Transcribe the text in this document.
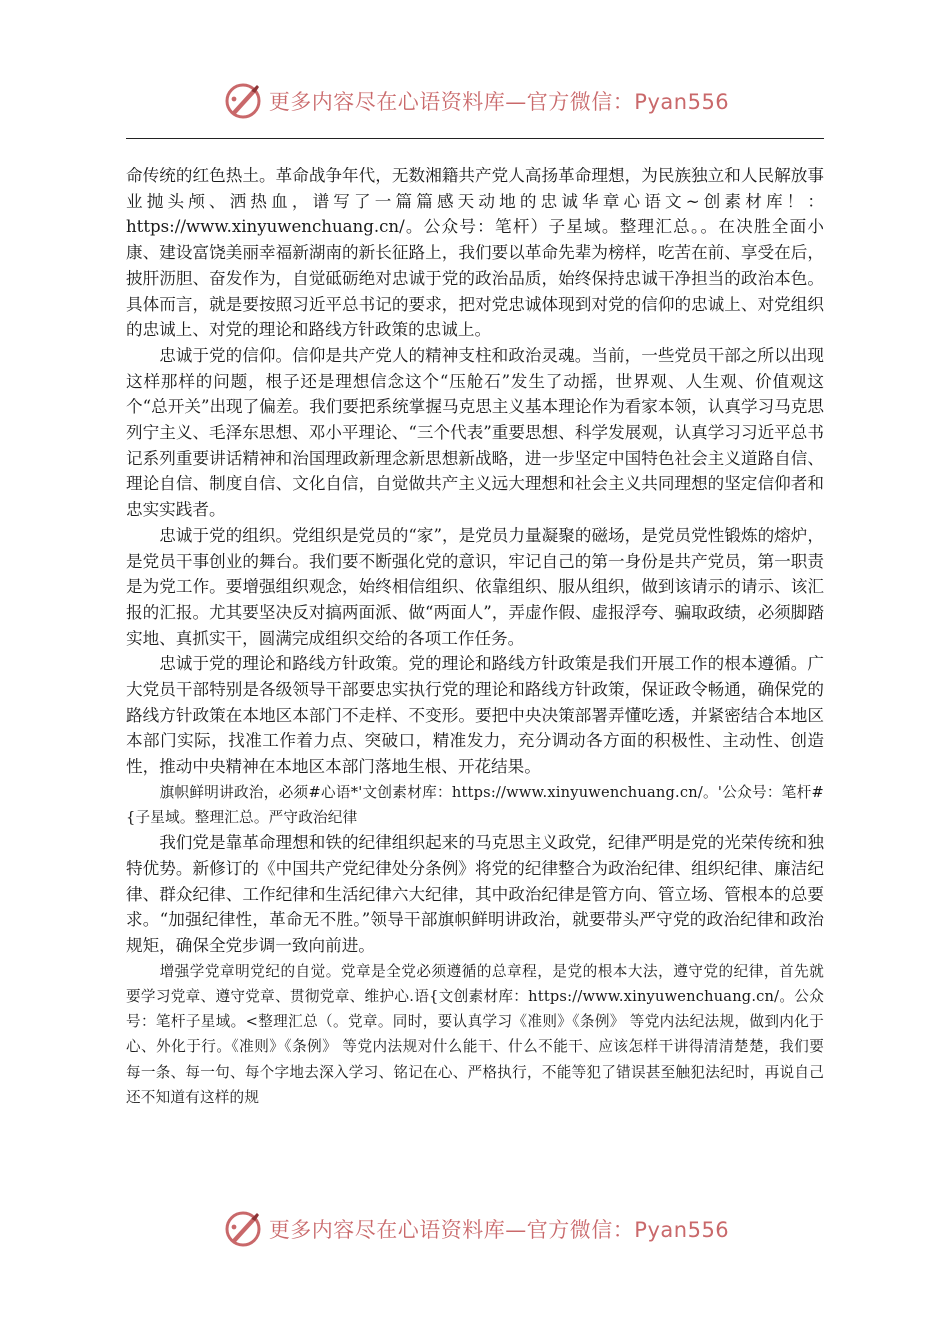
更多内容尽在心语资料库—官方微信：Pyan556

命传统的红色热土。革命战争年代，无数湘籍共产党人高扬革命理想，为民族独立和人民解放事业抛头颅、洒热血，谱写了一篇篇感天动地的忠诚华章心语文~创素材库！：https://www.xinyuwenchuang.cn/。公众号：笔杆）子星域。整理汇总。。在决胜全面小康、建设富饶美丽幸福新湖南的新长征路上，我们要以革命先辈为榜样，吃苦在前、享受在后，披肝沥胆、奋发作为，自觉砥砺绝对忠诚于党的政治品质，始终保持忠诚干净担当的政治本色。具体而言，就是要按照习近平总书记的要求，把对党忠诚体现到对党的信仰的忠诚上、对党组织的忠诚上、对党的理论和路线方针政策的忠诚上。

忠诚于党的信仰。信仰是共产党人的精神支柱和政治灵魂。当前，一些党员干部之所以出现这样那样的问题，根子还是理想信念这个“压舱石”发生了动摇，世界观、人生观、价值观这个“总开关”出现了偏差。我们要把系统掌握马克思主义基本理论作为看家本领，认真学习马克思列宁主义、毛泽东思想、邓小平理论、“三个代表”重要思想、科学发展观，认真学习习近平总书记系列重要讲话精神和治国理政新理念新思想新战略，进一步坚定中国特色社会主义道路自信、理论自信、制度自信、文化自信，自觉做共产主义远大理想和社会主义共同理想的坚定信仰者和忠实实践者。

忠诚于党的组织。党组织是党员的“家”，是党员力量凝聚的磁场，是党员党性锻炼的熔炉，是党员干事创业的舞台。我们要不断强化党的意识，牢记自己的第一身份是共产党员，第一职责是为党工作。要增强组织观念，始终相信组织、依靠组织、服从组织，做到该请示的请示、该汇报的汇报。尤其要坚决反对搞两面派、做“两面人”，弄虚作假、虚报浮夸、骗取政绩，必须脚踏实地、真抓实干，圆满完成组织交给的各项工作任务。

忠诚于党的理论和路线方针政策。党的理论和路线方针政策是我们开展工作的根本遵循。广大党员干部特别是各级领导干部要忠实执行党的理论和路线方针政策，保证政令畅通，确保党的路线方针政策在本地区本部门不走样、不变形。要把中央决策部署弄懂吃透，并紧密结合本地区本部门实际，找准工作着力点、突破口，精准发力，充分调动各方面的积极性、主动性、创造性，推动中央精神在本地区本部门落地生根、开花结果。

旗帜鲜明讲政治，必须#心语*'文创素材库：https://www.xinyuwenchuang.cn/。'公众号：笔杆#{子星域。整理汇总。严守政治纪律

我们党是靠革命理想和铁的纪律组织起来的马克思主义政党，纪律严明是党的光荣传统和独特优势。新修订的《中国共产党纪律处分条例》将党的纪律整合为政治纪律、组织纪律、廉洁纪律、群众纪律、工作纪律和生活纪律六大纪律，其中政治纪律是管方向、管立场、管根本的总要求。“加强纪律性，革命无不胜。”领导干部旗帜鲜明讲政治，就要带头严守党的政治纪律和政治规矩，确保全党步调一致向前进。

增强学党章明党纪的自觉。党章是全党必须遵循的总章程，是党的根本大法，遵守党的纪律，首先就要学习党章、遵守党章、贯彻党章、维护心.语{文创素材库：https://www.xinyuwenchuang.cn/。公众号：笔杆子星域。<整理汇总（。党章。同时，要认真学习《准则》《条例》 等党内法纪法规，做到内化于心、外化于行。《准则》《条例》 等党内法规对什么能干、什么不能干、应该怎样干讲得清清楚楚，我们要每一条、每一句、每个字地去深入学习、铭记在心、严格执行，不能等犯了错误甚至触犯法纪时，再说自己还不知道有这样的规

更多内容尽在心语资料库—官方微信：Pyan556
